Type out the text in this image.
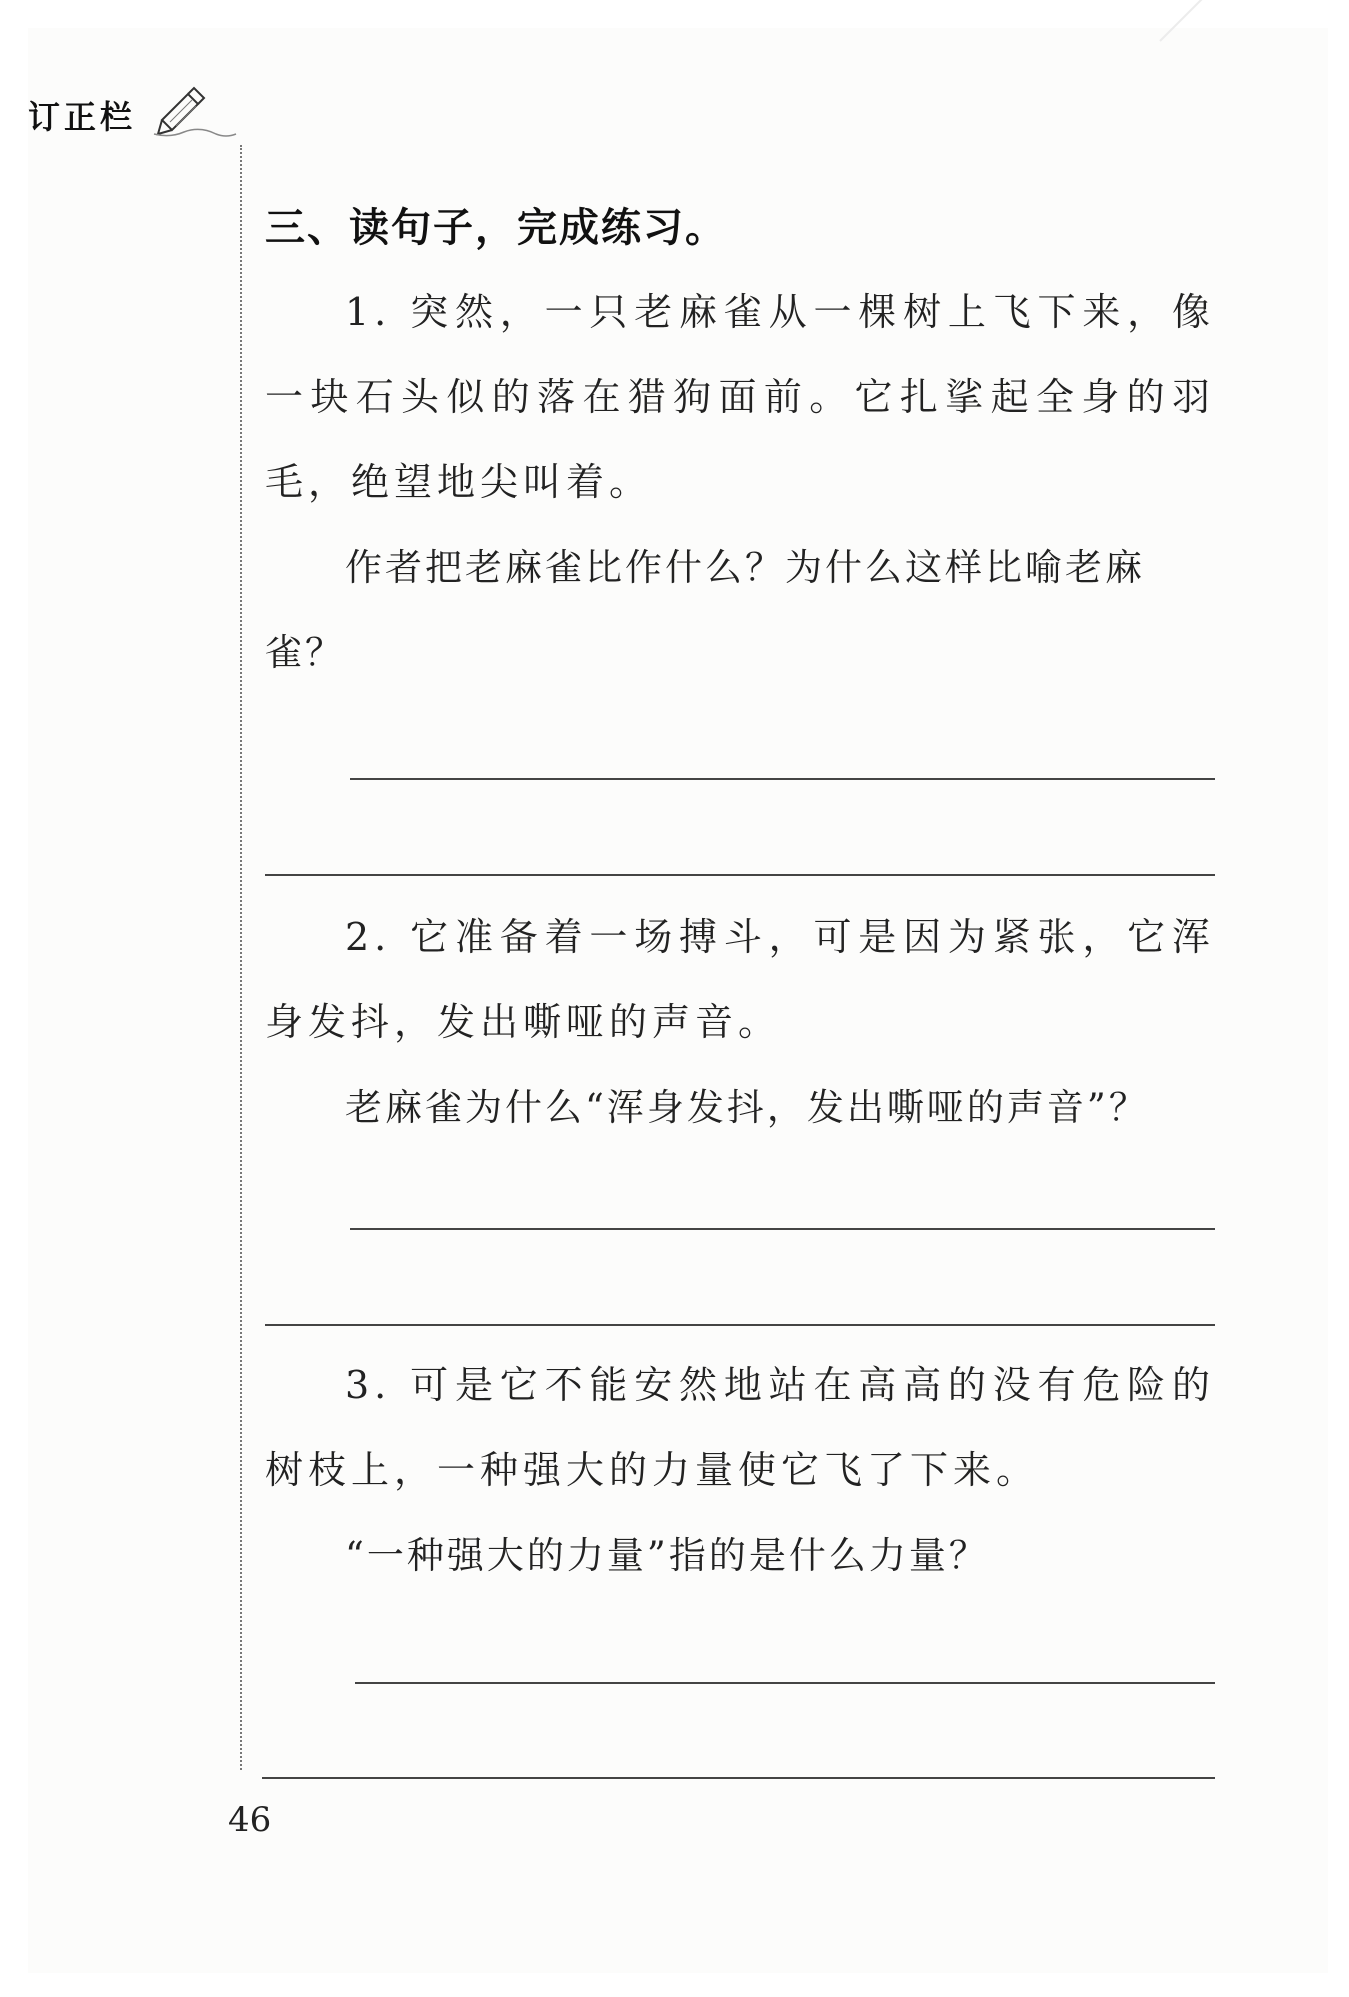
订正栏
三、读句子，完成练习。
1. 突然，一只老麻雀从一棵树上飞下来，像一块石头似的落在猎狗面前。它扎挲起全身的羽毛，绝望地尖叫着。
作者把老麻雀比作什么？为什么这样比喻老麻雀？
2. 它准备着一场搏斗，可是因为紧张，它浑身发抖，发出嘶哑的声音。
老麻雀为什么“浑身发抖，发出嘶哑的声音”？
3. 可是它不能安然地站在高高的没有危险的树枝上，一种强大的力量使它飞了下来。
“一种强大的力量”指的是什么力量？
46
